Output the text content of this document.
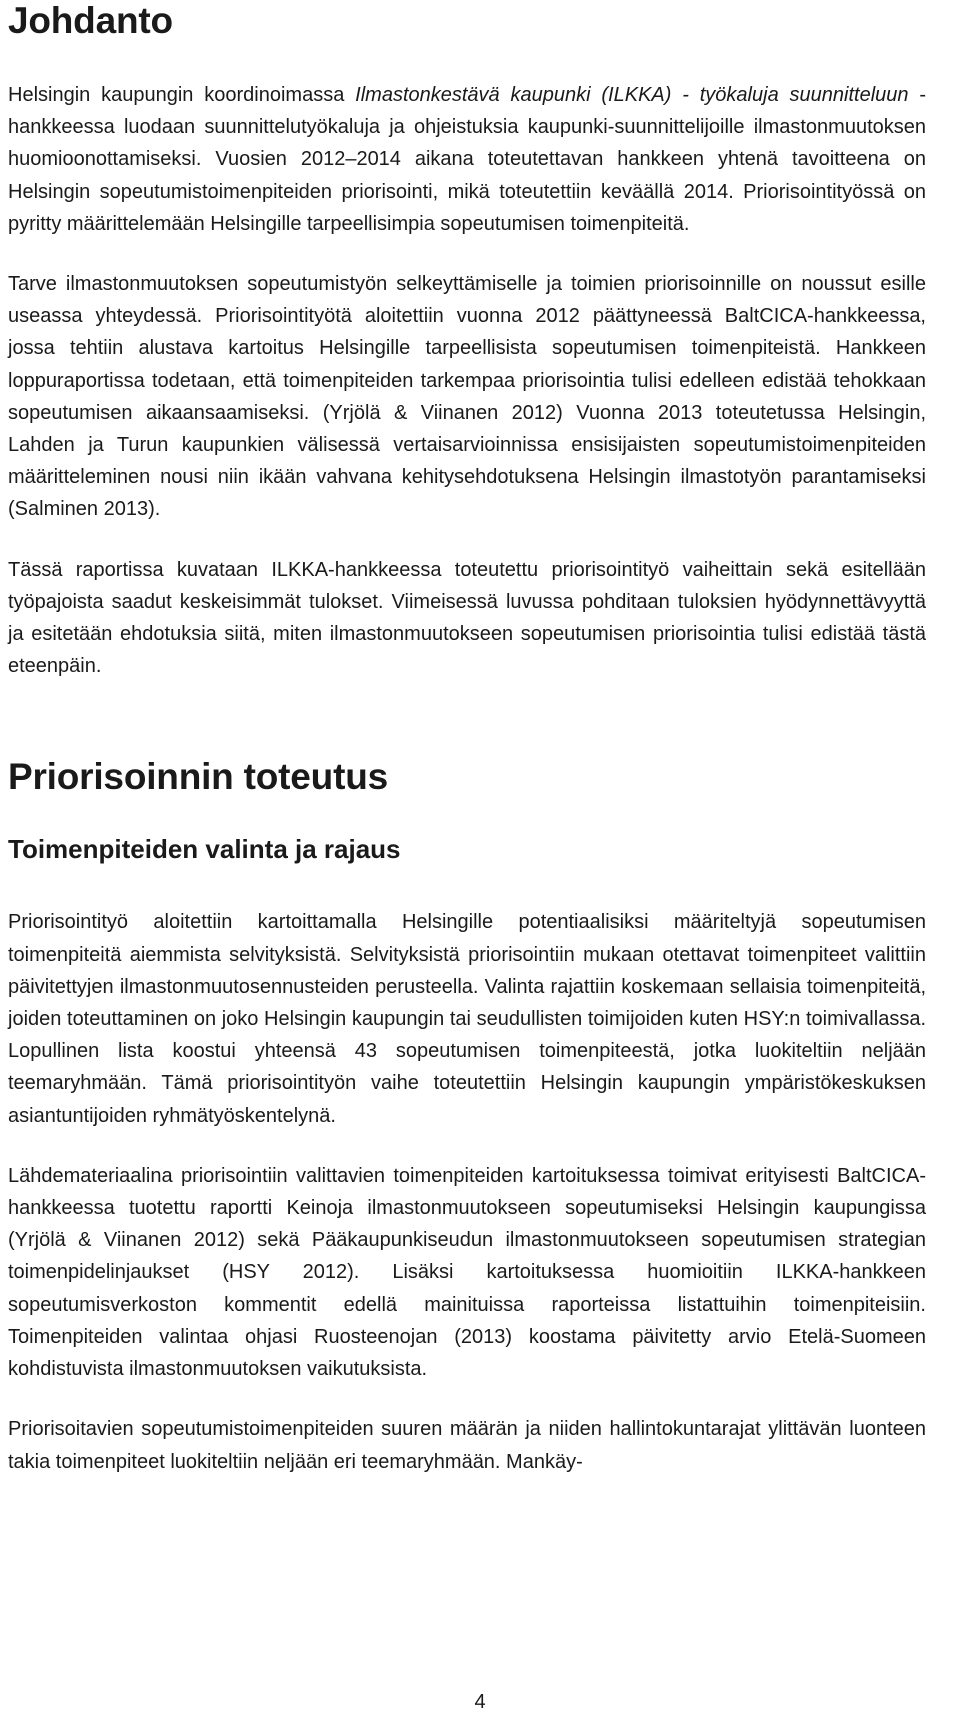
Johdanto

Helsingin kaupungin koordinoimassa Ilmastonkestävä kaupunki (ILKKA) - työkaluja suunnitteluun -hankkeessa luodaan suunnittelutyökaluja ja ohjeistuksia kaupunki-suunnittelijoille ilmastonmuutoksen huomioonottamiseksi. Vuosien 2012–2014 aikana toteutettavan hankkeen yhtenä tavoitteena on Helsingin sopeutumistoimenpiteiden priorisointi, mikä toteutettiin keväällä 2014. Priorisointityössä on pyritty määrittelemään Helsingille tarpeellisimpia sopeutumisen toimenpiteitä.

Tarve ilmastonmuutoksen sopeutumistyön selkeyttämiselle ja toimien priorisoinnille on noussut esille useassa yhteydessä. Priorisointityötä aloitettiin vuonna 2012 päättyneessä BaltCICA-hankkeessa, jossa tehtiin alustava kartoitus Helsingille tarpeellisista sopeutumisen toimenpiteistä. Hankkeen loppuraportissa todetaan, että toimenpiteiden tarkempaa priorisointia tulisi edelleen edistää tehokkaan sopeutumisen aikaansaamiseksi. (Yrjölä & Viinanen 2012) Vuonna 2013 toteutetussa Helsingin, Lahden ja Turun kaupunkien välisessä vertaisarvioinnissa ensisijaisten sopeutumistoimenpiteiden määritteleminen nousi niin ikään vahvana kehitysehdotuksena Helsingin ilmastotyön parantamiseksi (Salminen 2013).

Tässä raportissa kuvataan ILKKA-hankkeessa toteutettu priorisointityö vaiheittain sekä esitellään työpajoista saadut keskeisimmät tulokset. Viimeisessä luvussa pohditaan tuloksien hyödynnettävyyttä ja esitetään ehdotuksia siitä, miten ilmastonmuutokseen sopeutumisen priorisointia tulisi edistää tästä eteenpäin.

Priorisoinnin toteutus
Toimenpiteiden valinta ja rajaus

Priorisointityö aloitettiin kartoittamalla Helsingille potentiaalisiksi määriteltyjä sopeutumisen toimenpiteitä aiemmista selvityksistä. Selvityksistä priorisointiin mukaan otettavat toimenpiteet valittiin päivitettyjen ilmastonmuutosennusteiden perusteella. Valinta rajattiin koskemaan sellaisia toimenpiteitä, joiden toteuttaminen on joko Helsingin kaupungin tai seudullisten toimijoiden kuten HSY:n toimivallassa. Lopullinen lista koostui yhteensä 43 sopeutumisen toimenpiteestä, jotka luokiteltiin neljään teemaryhmään. Tämä priorisointityön vaihe toteutettiin Helsingin kaupungin ympäristökeskuksen asiantuntijoiden ryhmätyöskentelynä.

Lähdemateriaalina priorisointiin valittavien toimenpiteiden kartoituksessa toimivat erityisesti BaltCICA-hankkeessa tuotettu raportti Keinoja ilmastonmuutokseen sopeutumiseksi Helsingin kaupungissa (Yrjölä & Viinanen 2012) sekä Pääkaupunkiseudun ilmastonmuutokseen sopeutumisen strategian toimenpidelinjaukset (HSY 2012). Lisäksi kartoituksessa huomioitiin ILKKA-hankkeen sopeutumisverkoston kommentit edellä mainituissa raporteissa listattuihin toimenpiteisiin. Toimenpiteiden valintaa ohjasi Ruosteenojan (2013) koostama päivitetty arvio Etelä-Suomeen kohdistuvista ilmastonmuutoksen vaikutuksista.

Priorisoitavien sopeutumistoimenpiteiden suuren määrän ja niiden hallintokuntarajat ylittävän luonteen takia toimenpiteet luokiteltiin neljään eri teemaryhmään. Mankäy-

4
